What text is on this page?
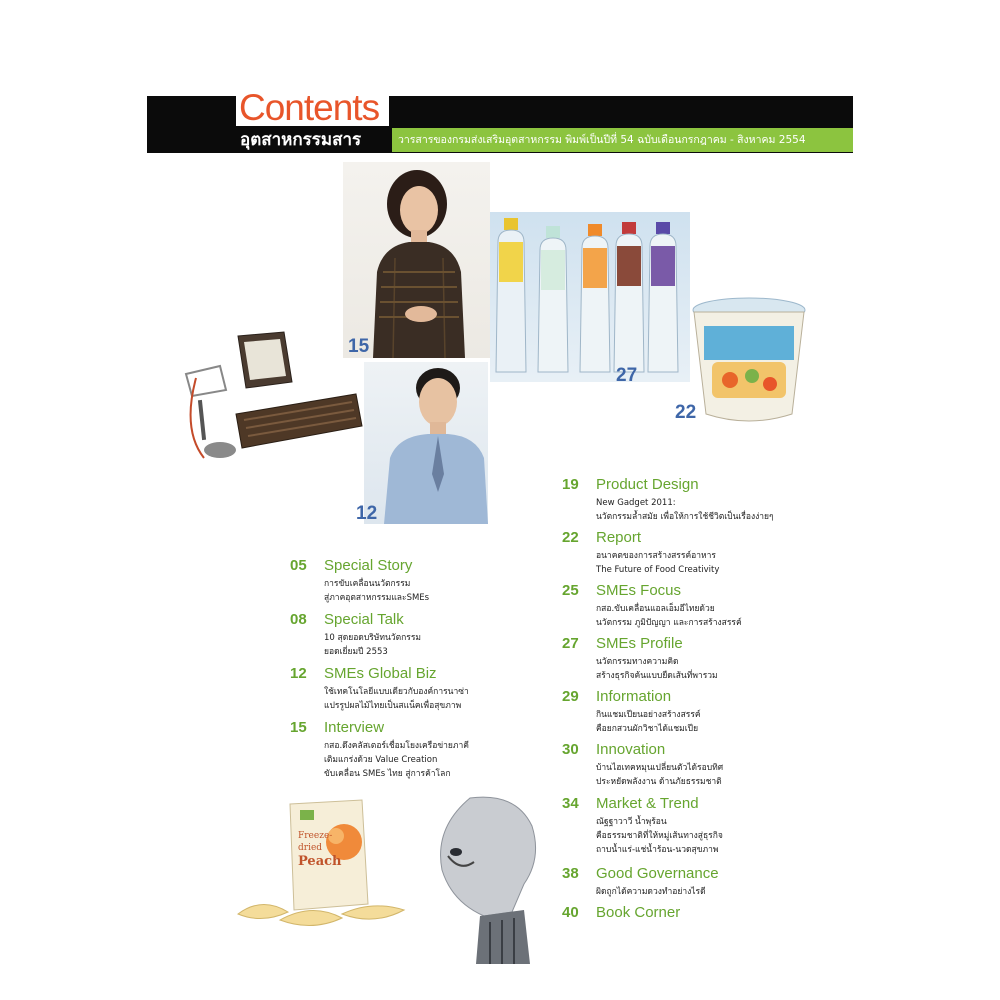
Contents
อุตสาหกรรมสาร	วารสารของกรมส่งเสริมอุตสาหกรรม พิมพ์เป็นปีที่ 54 ฉบับเดือนกรกฎาคม - สิงหาคม 2554
15
27
22
12
05	Special Story
การขับเคลื่อนนวัตกรรม
สู่ภาคอุตสาหกรรมและSMEs
08	Special Talk
10 สุดยอดบริษัทนวัตกรรม
ยอดเยี่ยมปี 2553
12	SMEs Global Biz
ใช้เทคโนโลยีแบบเดียวกับองค์การนาซ่า
แปรรูปผลไม้ไทยเป็นสแน็คเพื่อสุขภาพ
15	Interview
กสอ.ดึงคลัสเตอร์เชื่อมโยงเครือข่ายภาคี
เติมแกร่งด้วย Value Creation
ขับเคลื่อน SMEs ไทย สู่การค้าโลก
19	Product Design
New Gadget 2011:
นวัตกรรมล้ำสมัย เพื่อให้การใช้ชีวิตเป็นเรื่องง่ายๆ
22	Report
อนาคตของการสร้างสรรค์อาหาร
The Future of Food Creativity
25	SMEs Focus
กสอ.ขับเคลื่อนแอลเอ็มอีไทยด้วย
นวัตกรรม ภูมิปัญญา และการสร้างสรรค์
27	SMEs Profile
นวัตกรรมทางความคิด
สร้างธุรกิจค้นแบบยืดเส้นที่พารวม
29	Information
กินแชมเปียนอย่างสร้างสรรค์
คือยกสวนผักวิชาได้แชมเปีย
30	Innovation
บ้านไฮเทคหมุนเปลี่ยนตัวได้รอบทิศ
ประหยัดพลังงาน ด้านภัยธรรมชาติ
34	Market & Trend
ณัฐฐาวาวี น้ำพุร้อน
คือธรรมชาติที่ให้หมู่เส้นทางสู่ธุรกิจ
ถาบน้ำแร่-แช่น้ำร้อน-นวดสุขภาพ
38	Good Governance
ผิดถูกได้ความดวงทำอย่างไรดี
40	Book Corner
Freeze-
dried
Peach
